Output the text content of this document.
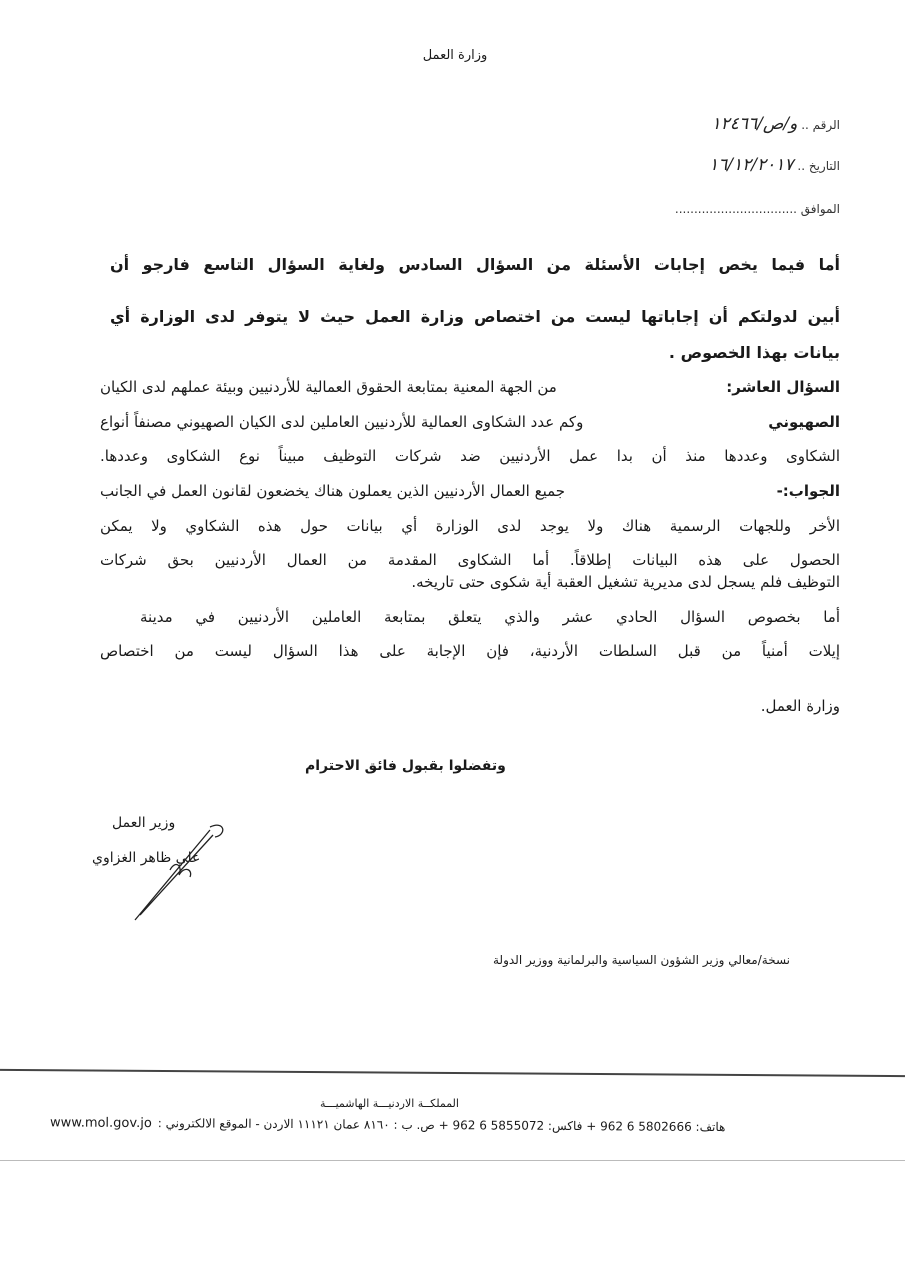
وزارة العمل
الرقم .. و/ص/١٢٤٦٦
التاريخ .. ١٦/١٢/٢٠١٧
الموافق ................................
أما فيما يخص إجابات الأسئلة من السؤال السادس ولغاية السؤال التاسع فارجو أن
أبين لدولتكم أن إجاباتها ليست من اختصاص وزارة العمل حيث لا يتوفر لدى الوزارة أي
بيانات بهذا الخصوص .
السؤال العاشر:
من الجهة المعنية بمتابعة الحقوق العمالية للأردنيين وبيئة عملهم لدى الكيان
الصهيوني
وكم عدد الشكاوى العمالية للأردنيين العاملين لدى الكيان الصهيوني مصنفاً أنواع
الشكاوى وعددها منذ أن بدا عمل الأردنيين ضد شركات التوظيف مبيناً نوع الشكاوى وعددها.
الجواب:-
جميع العمال الأردنيين الذين يعملون هناك يخضعون لقانون العمل في الجانب
الأخر وللجهات الرسمية هناك ولا يوجد لدى الوزارة أي بيانات حول هذه الشكاوي ولا يمكن
الحصول على هذه البيانات إطلاقاً. أما الشكاوى المقدمة من العمال الأردنيين بحق شركات
التوظيف فلم يسجل لدى مديرية تشغيل العقبة أية شكوى حتى تاريخه.
أما بخصوص السؤال الحادي عشر والذي يتعلق بمتابعة العاملين الأردنيين في مدينة
إيلات أمنياً من قبل السلطات الأردنية، فإن الإجابة على هذا السؤال ليست من اختصاص
وزارة العمل.
وتفضلوا بقبول فائق الاحترام
وزير العمل
علي ظاهر الغزاوي
نسخة/معالي وزير الشؤون السياسية والبرلمانية ووزير الدولة
المملكــة الاردنيـــة الهاشميـــة
www.mol.gov.jo هاتف: 5802666 6 962 + فاكس: 5855072 6 962 + ص. ب : ٨١٦٠ عمان ١١١٢١ الاردن - الموقع الالكتروني :
